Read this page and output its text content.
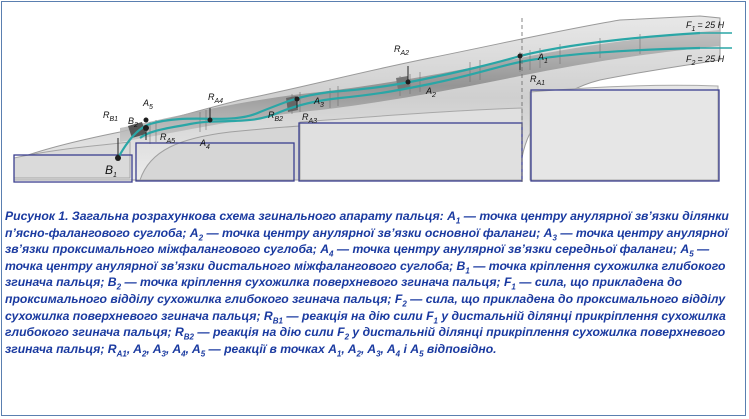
$B_1$
$R_{B1}$ $B_2$
$A_5$
$R_{A5}$
$R_{A4}$
$A_4$
$R_{B2}$ $R_{A3}$
$A_3$
$R_{A2}$
$A_2$
$A_1$
$R_{A1}$
$F_1 = 25$ Н
$F_2 = 25$ Н
Рисунок 1. Загальна розрахункова схема згинального апарату пальця: $A_1$ — точка центру анулярної зв’язки ділянки п’ясно-фалангового суглоба; $A_2$ — точка центру анулярної зв’язки основної фаланги; $A_3$ — точка центру анулярної зв’язки проксимального міжфалангового суглоба; $A_4$ — точка центру анулярної зв’язки середньої фаланги; $A_5$ — точка центру анулярної зв’язки дистального міжфалангового суглоба; $B_1$ — точка кріплення сухожилка глибокого згинача пальця; $B_2$ — точка кріплення сухожилка поверхневого згинача пальця; $F_1$ — сила, що прикладена до проксимального відділу сухожилка глибокого згинача пальця; $F_2$ — сила, що прикладена до проксимального відділу сухожилка поверхневого згинача пальця; $R_{B1}$ — реакція на дію сили $F_1$ у дистальній ділянці прикріплення сухожилка глибокого згинача пальця; $R_{B2}$ — реакція на дію сили $F_2$ у дистальній ділянці прикріплення сухожилка поверхневого згинача пальця; $R_{A1}$, $A_2$, $A_3$, $A_4$, $A_5$ — реакції в точках $A_1$, $A_2$, $A_3$, $A_4$ і $A_5$ відповідно.
